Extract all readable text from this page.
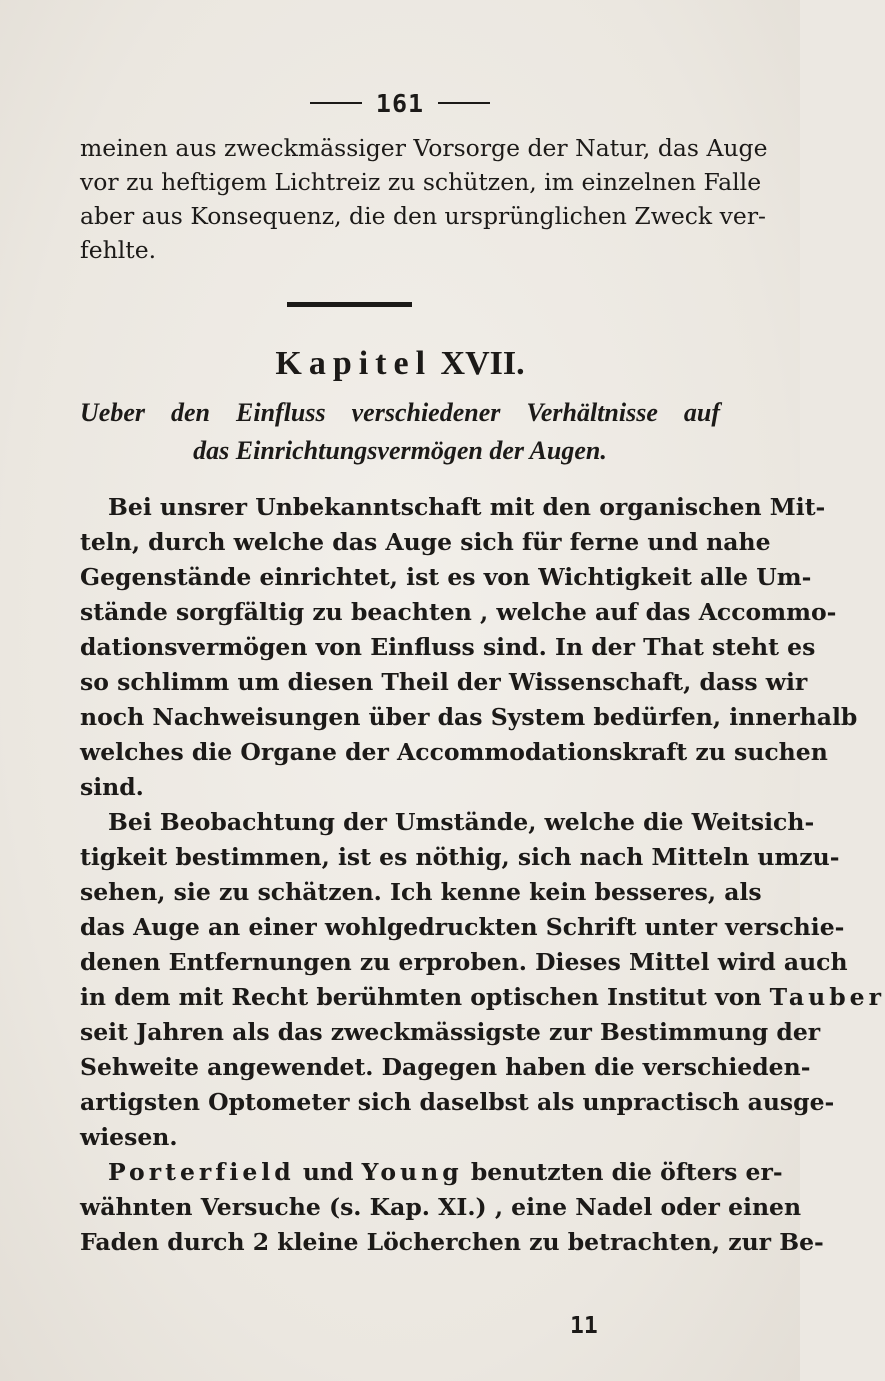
161
meinen aus zweckmässiger Vorsorge der Natur, das Auge
vor zu heftigem Lichtreiz zu schützen, im einzelnen Falle
aber aus Konsequenz, die den ursprünglichen Zweck ver-
fehlte.
Kapitel XVII.
Ueber den Einfluss verschiedener Verhältnisse auf
das Einrichtungsvermögen der Augen.
Bei unsrer Unbekanntschaft mit den organischen Mit-
teln, durch welche das Auge sich für ferne und nahe
Gegenstände einrichtet, ist es von Wichtigkeit alle Um-
stände sorgfältig zu beachten , welche auf das Accommo-
dationsvermögen von Einfluss sind. In der That steht es
so schlimm um diesen Theil der Wissenschaft, dass wir
noch Nachweisungen über das System bedürfen, innerhalb
welches die Organe der Accommodationskraft zu suchen
sind.
Bei Beobachtung der Umstände, welche die Weitsich-
tigkeit bestimmen, ist es nöthig, sich nach Mitteln umzu-
sehen, sie zu schätzen. Ich kenne kein besseres, als
das Auge an einer wohlgedruckten Schrift unter verschie-
denen Entfernungen zu erproben. Dieses Mittel wird auch
in dem mit Recht berühmten optischen Institut von Tauber
seit Jahren als das zweckmässigste zur Bestimmung der
Sehweite angewendet. Dagegen haben die verschieden-
artigsten Optometer sich daselbst als unpractisch ausge-
wiesen.
Porterfield und Young benutzten die öfters er-
wähnten Versuche (s. Kap. XI.) , eine Nadel oder einen
Faden durch 2 kleine Löcherchen zu betrachten, zur Be-
11
